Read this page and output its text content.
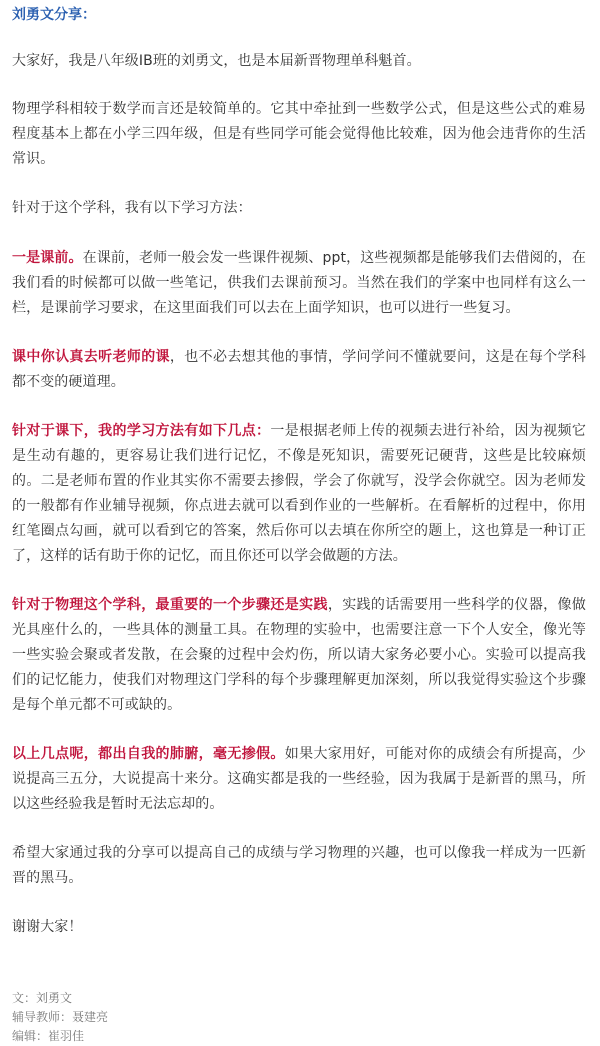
刘勇文分享：

大家好，我是八年级IB班的刘勇文，也是本届新晋物理单科魁首。

物理学科相较于数学而言还是较简单的。它其中牵扯到一些数学公式，但是这些公式的难易程度基本上都在小学三四年级，但是有些同学可能会觉得他比较难，因为他会违背你的生活常识。

针对于这个学科，我有以下学习方法：

一是课前。在课前，老师一般会发一些课件视频、ppt，这些视频都是能够我们去借阅的，在我们看的时候都可以做一些笔记，供我们去课前预习。当然在我们的学案中也同样有这么一栏，是课前学习要求，在这里面我们可以去在上面学知识，也可以进行一些复习。

课中你认真去听老师的课，也不必去想其他的事情，学问学问不懂就要问，这是在每个学科都不变的硬道理。

针对于课下，我的学习方法有如下几点：一是根据老师上传的视频去进行补给，因为视频它是生动有趣的，更容易让我们进行记忆，不像是死知识，需要死记硬背，这些是比较麻烦的。二是老师布置的作业其实你不需要去掺假，学会了你就写，没学会你就空。因为老师发的一般都有作业辅导视频，你点进去就可以看到作业的一些解析。在看解析的过程中，你用红笔圈点勾画，就可以看到它的答案，然后你可以去填在你所空的题上，这也算是一种订正了，这样的话有助于你的记忆，而且你还可以学会做题的方法。

针对于物理这个学科，最重要的一个步骤还是实践，实践的话需要用一些科学的仪器，像做光具座什么的，一些具体的测量工具。在物理的实验中，也需要注意一下个人安全，像光等一些实验会聚或者发散，在会聚的过程中会灼伤，所以请大家务必要小心。实验可以提高我们的记忆能力，使我们对物理这门学科的每个步骤理解更加深刻，所以我觉得实验这个步骤是每个单元都不可或缺的。

以上几点呢，都出自我的肺腑，毫无掺假。如果大家用好，可能对你的成绩会有所提高，少说提高三五分，大说提高十来分。这确实都是我的一些经验，因为我属于是新晋的黑马，所以这些经验我是暂时无法忘却的。

希望大家通过我的分享可以提高自己的成绩与学习物理的兴趣，也可以像我一样成为一匹新晋的黑马。

谢谢大家！

文：刘勇文
辅导教师：聂建亮
编辑：崔羽佳
